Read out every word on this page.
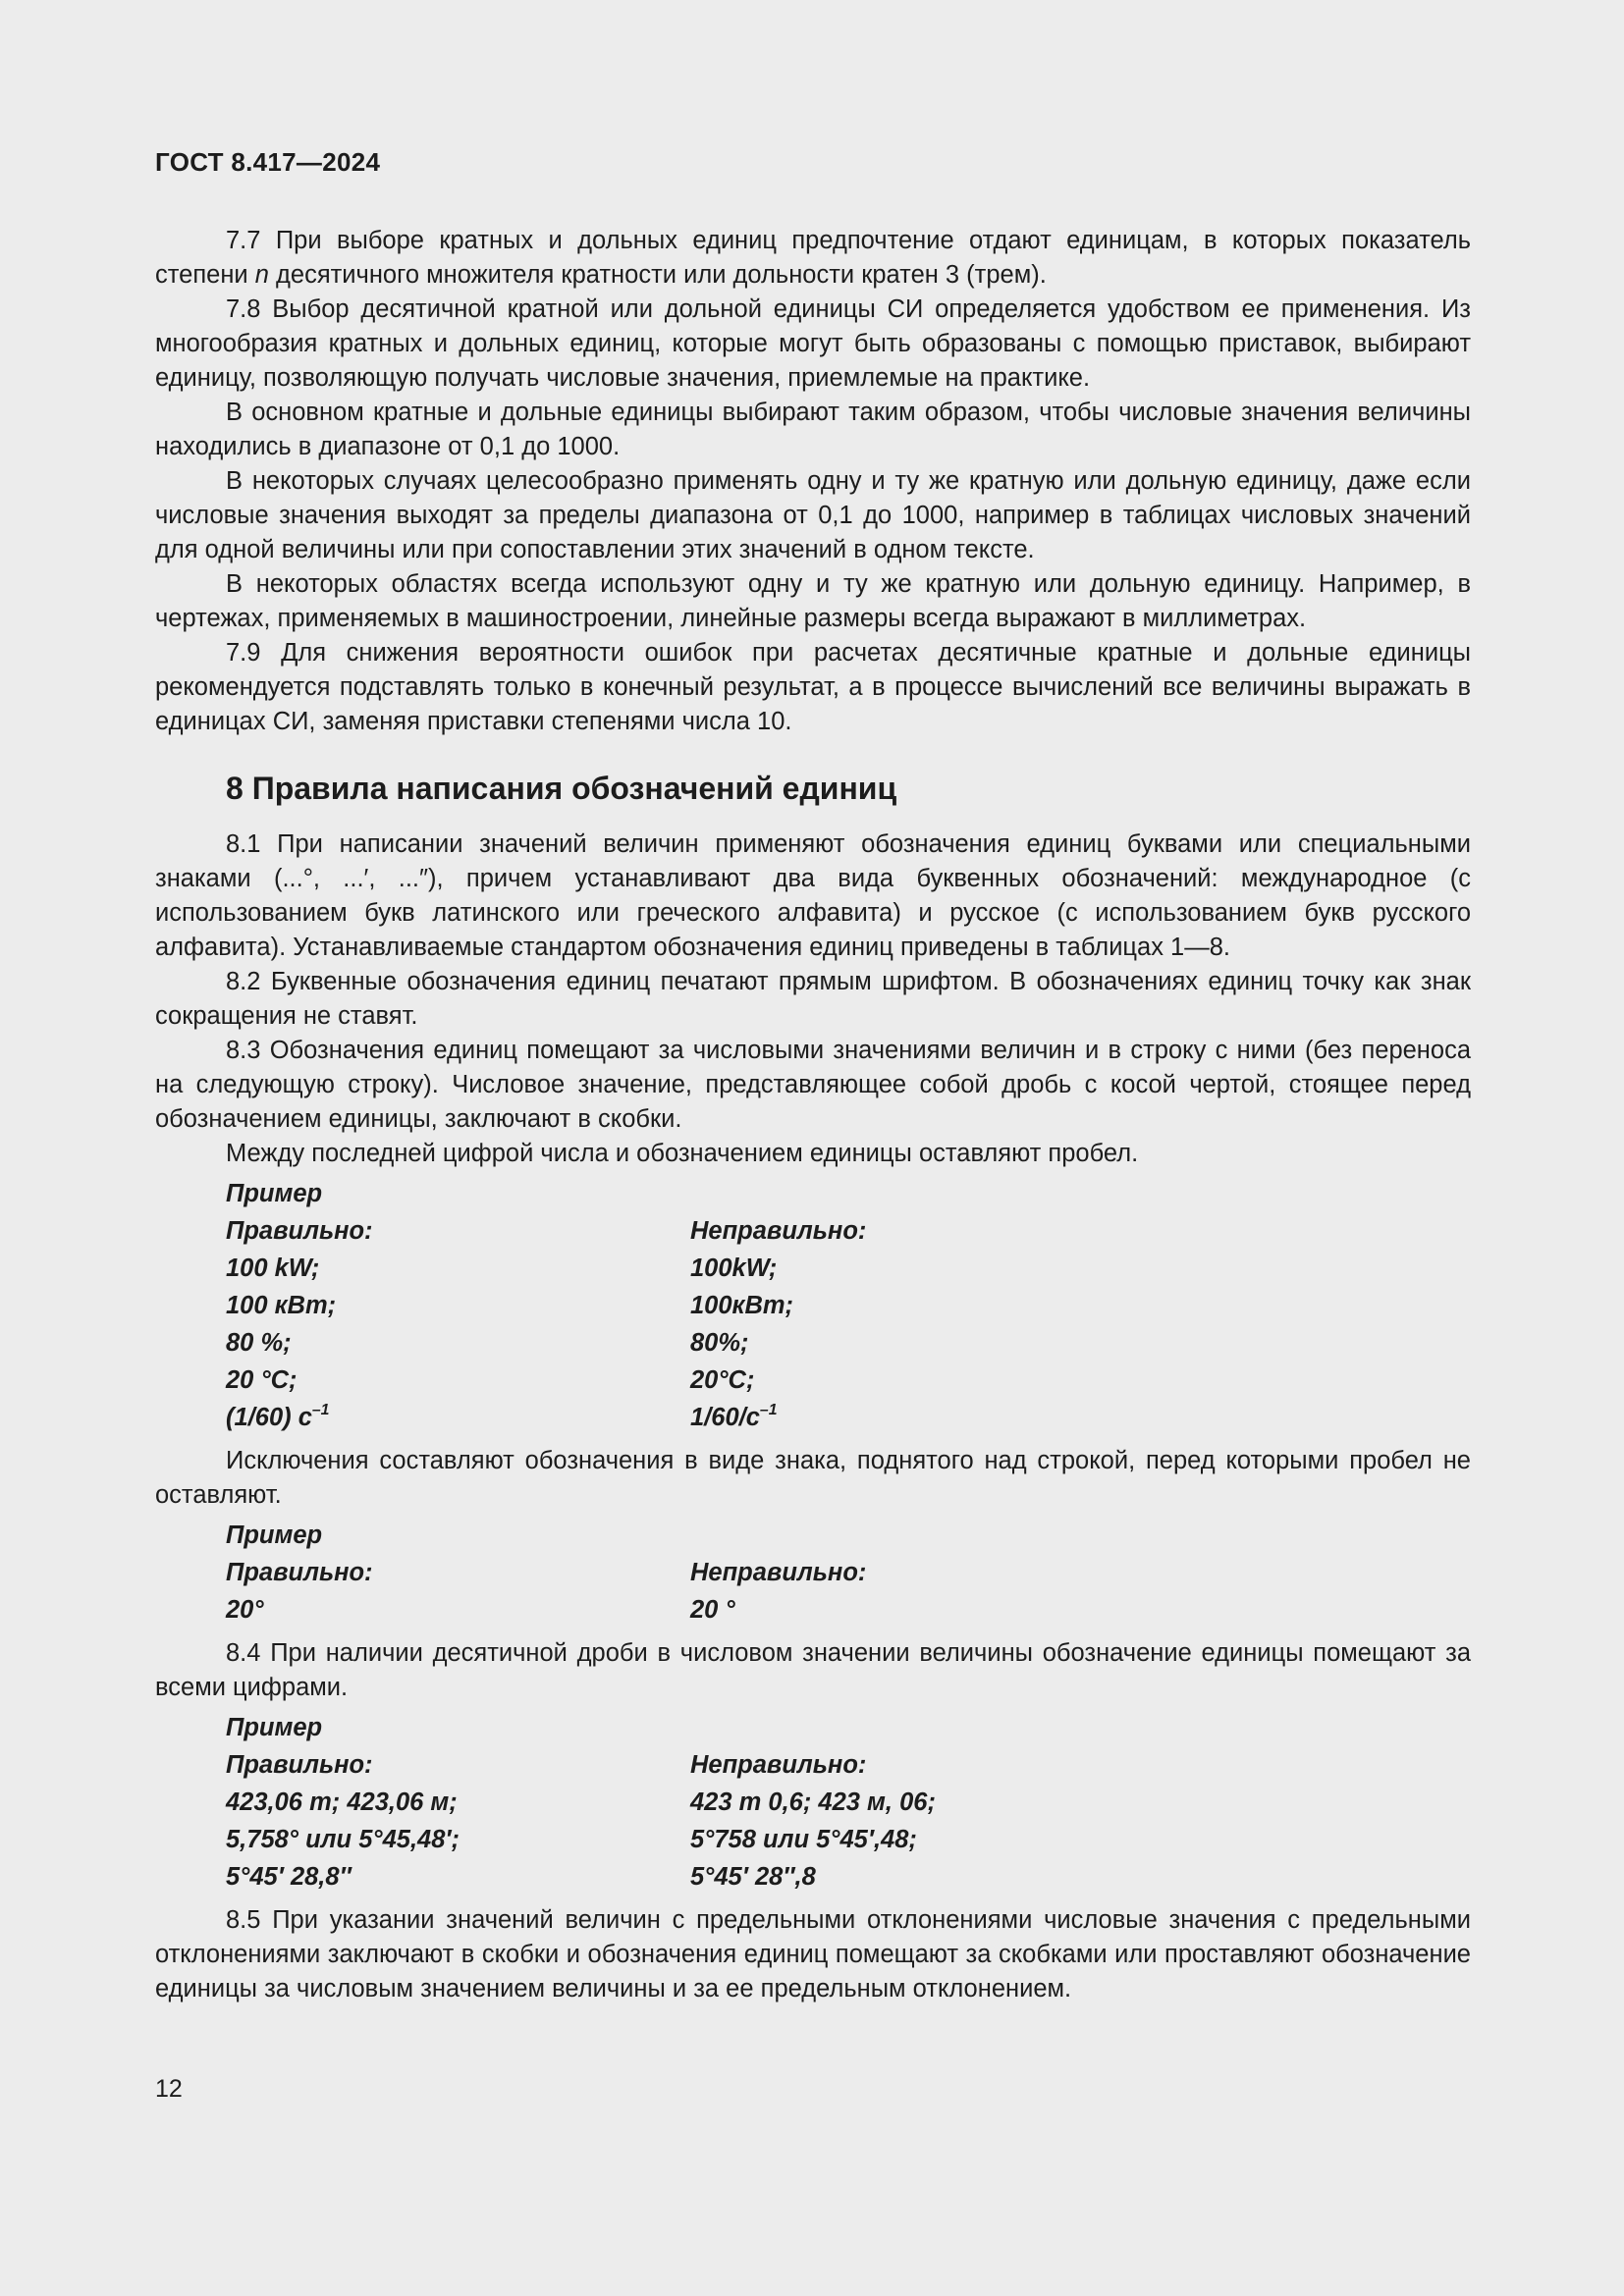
ГОСТ 8.417—2024

7.7 При выборе кратных и дольных единиц предпочтение отдают единицам, в которых показатель степени n десятичного множителя кратности или дольности кратен 3 (трем).

7.8 Выбор десятичной кратной или дольной единицы СИ определяется удобством ее применения. Из многообразия кратных и дольных единиц, которые могут быть образованы с помощью приставок, выбирают единицу, позволяющую получать числовые значения, приемлемые на практике.

В основном кратные и дольные единицы выбирают таким образом, чтобы числовые значения величины находились в диапазоне от 0,1 до 1000.

В некоторых случаях целесообразно применять одну и ту же кратную или дольную единицу, даже если числовые значения выходят за пределы диапазона от 0,1 до 1000, например в таблицах числовых значений для одной величины или при сопоставлении этих значений в одном тексте.

В некоторых областях всегда используют одну и ту же кратную или дольную единицу. Например, в чертежах, применяемых в машиностроении, линейные размеры всегда выражают в миллиметрах.

7.9 Для снижения вероятности ошибок при расчетах десятичные кратные и дольные единицы рекомендуется подставлять только в конечный результат, а в процессе вычислений все величины выражать в единицах СИ, заменяя приставки степенями числа 10.

8 Правила написания обозначений единиц

8.1 При написании значений величин применяют обозначения единиц буквами или специальными знаками (...°, ...′, ...″), причем устанавливают два вида буквенных обозначений: международное (с использованием букв латинского или греческого алфавита) и русское (с использованием букв русского алфавита). Устанавливаемые стандартом обозначения единиц приведены в таблицах 1—8.

8.2 Буквенные обозначения единиц печатают прямым шрифтом. В обозначениях единиц точку как знак сокращения не ставят.

8.3 Обозначения единиц помещают за числовыми значениями величин и в строку с ними (без переноса на следующую строку). Числовое значение, представляющее собой дробь с косой чертой, стоящее перед обозначением единицы, заключают в скобки.

Между последней цифрой числа и обозначением единицы оставляют пробел.

Пример
Правильно:	Неправильно:
100 kW;	100kW;
100 кВт;	100кВт;
80 %;	80%;
20 °С;	20°С;
(1/60) $с^{-1}$	$1/60/с^{-1}$

Исключения составляют обозначения в виде знака, поднятого над строкой, перед которыми пробел не оставляют.

Пример
Правильно:	Неправильно:
20°	20 °

8.4 При наличии десятичной дроби в числовом значении величины обозначение единицы помещают за всеми цифрами.

Пример
Правильно:	Неправильно:
423,06 m; 423,06 м;	423 m 0,6; 423 м, 06;
5,758° или 5°45,48′;	5°758 или 5°45′,48;
5°45′ 28,8″	5°45′ 28″,8

8.5 При указании значений величин с предельными отклонениями числовые значения с предельными отклонениями заключают в скобки и обозначения единиц помещают за скобками или проставляют обозначение единицы за числовым значением величины и за ее предельным отклонением.

12
